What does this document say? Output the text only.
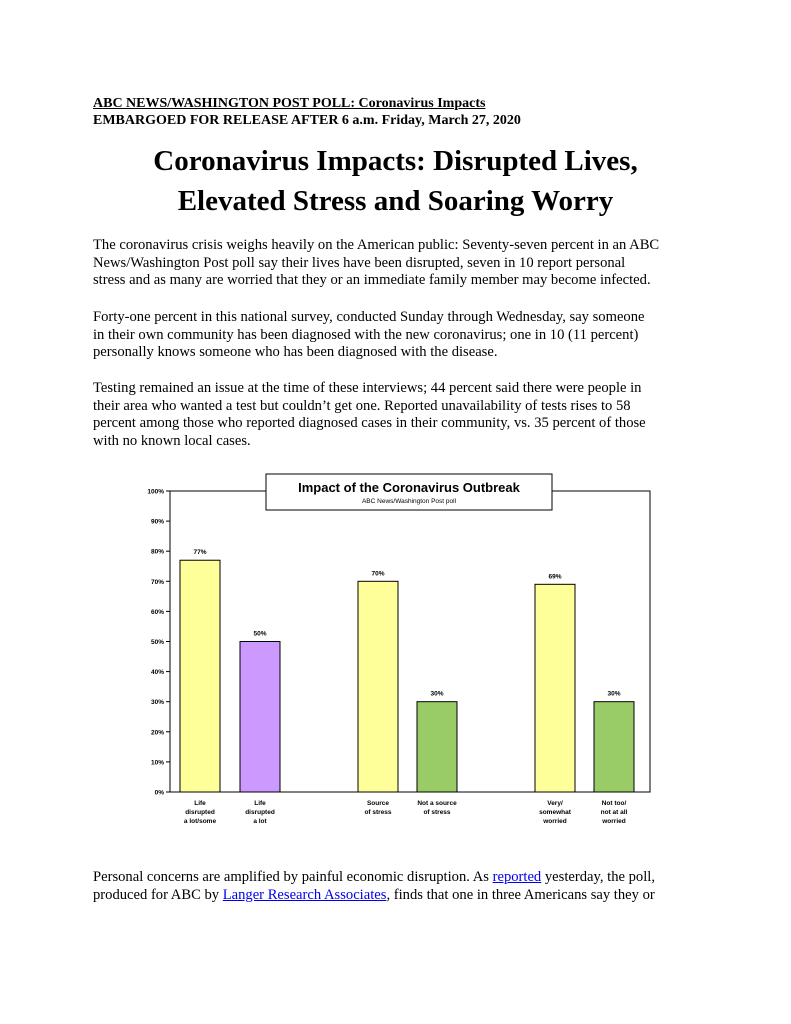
ABC NEWS/WASHINGTON POST POLL: Coronavirus Impacts
EMBARGOED FOR RELEASE AFTER 6 a.m. Friday, March 27, 2020
Coronavirus Impacts: Disrupted Lives,
Elevated Stress and Soaring Worry

The coronavirus crisis weighs heavily on the American public: Seventy-seven percent in an ABC
News/Washington Post poll say their lives have been disrupted, seven in 10 report personal
stress and as many are worried that they or an immediate family member may become infected.

Forty-one percent in this national survey, conducted Sunday through Wednesday, say someone
in their own community has been diagnosed with the new coronavirus; one in 10 (11 percent)
personally knows someone who has been diagnosed with the disease.

Testing remained an issue at the time of these interviews; 44 percent said there were people in
their area who wanted a test but couldn’t get one. Reported unavailability of tests rises to 58
percent among those who reported diagnosed cases in their community, vs. 35 percent of those
with no known local cases.

0%
10%
20%
30%
40%
50%
60%
70%
80%
90%
100%
77%
Life
disrupted
a lot/some
50%
Life
disrupted
a lot
70%
Source
of stress
30%
Not a source
of stress
69%
Very/
somewhat
worried
30%
Not too/
not at all
worried
Impact of the Coronavirus Outbreak
ABC News/Washington Post poll

Personal concerns are amplified by painful economic disruption. As reported yesterday, the poll,
produced for ABC by Langer Research Associates, finds that one in three Americans say they or
